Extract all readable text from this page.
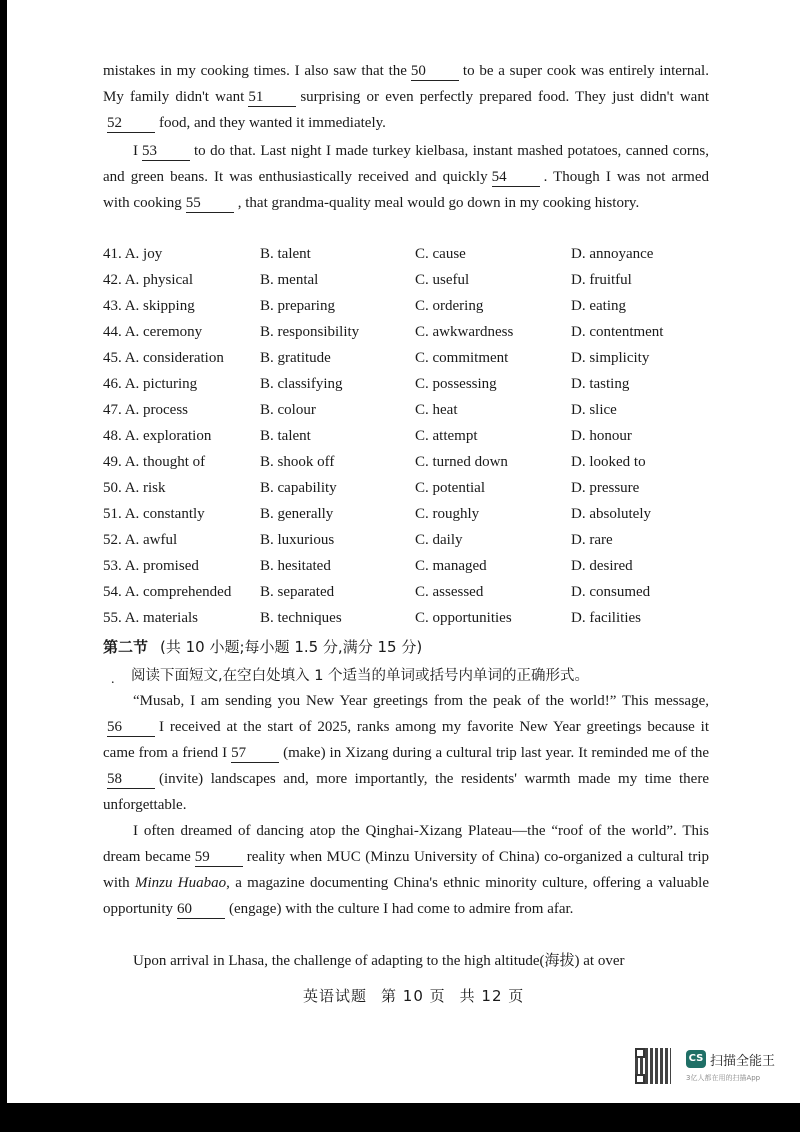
mistakes in my cooking times. I also saw that the 50 to be a super cook was entirely internal. My family didn't want 51 surprising or even perfectly prepared food. They just didn't want52 food, and they wanted it immediately.
I 53 to do that. Last night I made turkey kielbasa, instant mashed potatoes, canned corns, and green beans. It was enthusiastically received and quickly 54 . Though I was not armed with cooking 55 , that grandma-quality meal would go down in my cooking history.
41. A. joy	B. talent	C. cause	D. annoyance
42. A. physical	B. mental	C. useful	D. fruitful
43. A. skipping	B. preparing	C. ordering	D. eating
44. A. ceremony	B. responsibility	C. awkwardness	D. contentment
45. A. consideration B. gratitude	C. commitment	D. simplicity
46. A. picturing	B. classifying	C. possessing	D. tasting
47. A. process	B. colour	C. heat	D. slice
48. A. exploration	B. talent	C. attempt	D. honour
49. A. thought of	B. shook off	C. turned down	D. looked to
50. A. risk	B. capability	C. potential	D. pressure
51. A. constantly	B. generally	C. roughly	D. absolutely
52. A. awful	B. luxurious	C. daily	D. rare
53. A. promised	B. hesitated	C. managed	D. desired
54. A. comprehended B. separated	C. assessed	D. consumed
55. A. materials	B. techniques	C. opportunities	D. facilities
第二节 (共 10 小题;每小题 1.5 分,满分 15 分)
. 阅读下面短文,在空白处填入 1 个适当的单词或括号内单词的正确形式。
“Musab, I am sending you New Year greetings from the peak of the world!” This message,56 I received at the start of 2025, ranks among my favorite New Year greetings because it came from a friend I 57 (make) in Xizang during a cultural trip last year. It reminded me of the58 (invite) landscapes and, more importantly, the residents' warmth made my time there unforgettable.
I often dreamed of dancing atop the Qinghai-Xizang Plateau—the “roof of the world”. This dream became 59 reality when MUC (Minzu University of China) co-organized a cultural trip with Minzu Huabao, a magazine documenting China's ethnic minority culture, offering a valuable opportunity 60 (engage) with the culture I had come to admire from afar.
Upon arrival in Lhasa, the challenge of adapting to the high altitude(海拔) at over
英语试题 第 10 页 共 12 页
CS 扫描全能王
3亿人都在用的扫描App
